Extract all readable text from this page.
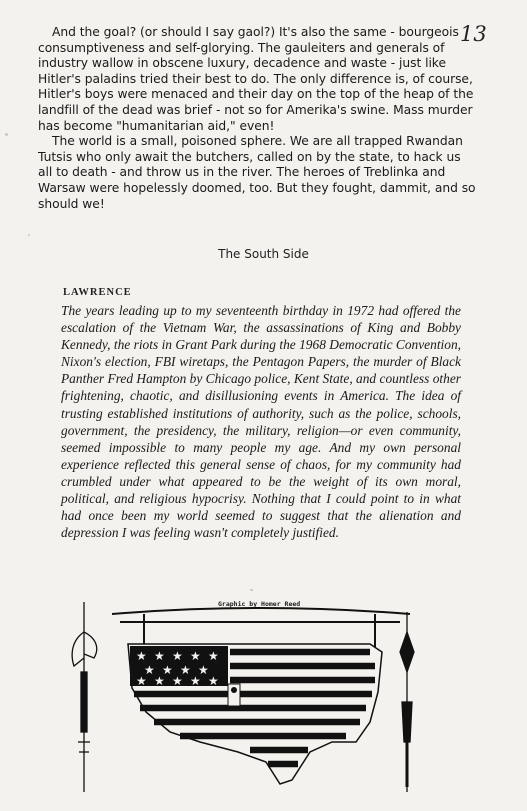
13

And the goal? (or should I say gaol?) It's also the same - bourgeois consumptiveness and self-glorying. The gauleiters and generals of industry wallow in obscene luxury, decadence and waste - just like Hitler's paladins tried their best to do. The only difference is, of course, Hitler's boys were menaced and their day on the top of the heap of the landfill of the dead was brief - not so for Amerika's swine. Mass murder has become "humanitarian aid," even!

The world is a small, poisoned sphere. We are all trapped Rwandan Tutsis who only await the butchers, called on by the state, to hack us all to death - and throw us in the river. The heroes of Treblinka and Warsaw were hopelessly doomed, too. But they fought, dammit, and so should we!

The South Side
LAWRENCE
The years leading up to my seventeenth birthday in 1972 had offered the escalation of the Vietnam War, the assassinations of King and Bobby Kennedy, the riots in Grant Park during the 1968 Democratic Convention, Nixon's election, FBI wiretaps, the Pentagon Papers, the murder of Black Panther Fred Hampton by Chicago police, Kent State, and countless other frightening, chaotic, and disillusioning events in America. The idea of trusting established institutions of authority, such as the police, schools, government, the presidency, the military, religion—or even community, seemed impossible to many people my age. And my own personal experience reflected this general sense of chaos, for my community had crumbled under what appeared to be the weight of its own moral, political, and religious hypocrisy. Nothing that I could point to in what had once been my world seemed to suggest that the alienation and depression I was feeling wasn't completely justified.
★ ★ ★ ★ ★
★ ★ ★ ★
★ ★ ★ ★ ★
Graphic by Homer Reed
